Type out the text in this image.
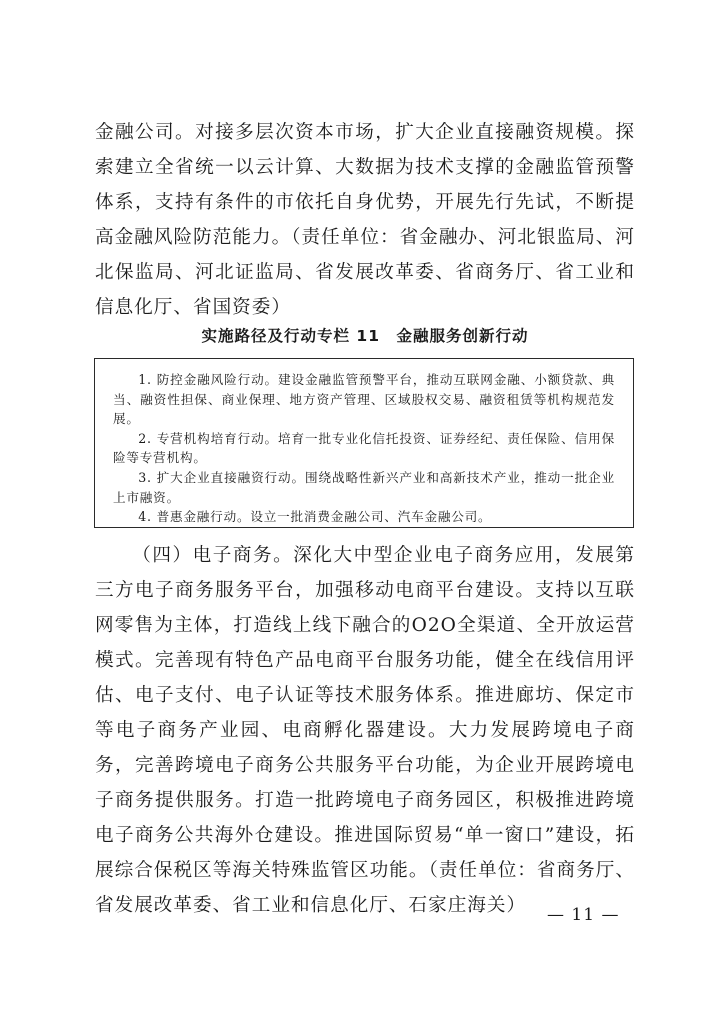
金融公司。对接多层次资本市场，扩大企业直接融资规模。探索建立全省统一以云计算、大数据为技术支撑的金融监管预警体系，支持有条件的市依托自身优势，开展先行先试，不断提高金融风险防范能力。（责任单位：省金融办、河北银监局、河北保监局、河北证监局、省发展改革委、省商务厅、省工业和信息化厅、省国资委）

实施路径及行动专栏 11　金融服务创新行动

1. 防控金融风险行动。建设金融监管预警平台，推动互联网金融、小额贷款、典当、融资性担保、商业保理、地方资产管理、区域股权交易、融资租赁等机构规范发展。

2. 专营机构培育行动。培育一批专业化信托投资、证券经纪、责任保险、信用保险等专营机构。

3. 扩大企业直接融资行动。围绕战略性新兴产业和高新技术产业，推动一批企业上市融资。

4. 普惠金融行动。设立一批消费金融公司、汽车金融公司。

（四）电子商务。深化大中型企业电子商务应用，发展第三方电子商务服务平台，加强移动电商平台建设。支持以互联网零售为主体，打造线上线下融合的O2O全渠道、全开放运营模式。完善现有特色产品电商平台服务功能，健全在线信用评估、电子支付、电子认证等技术服务体系。推进廊坊、保定市等电子商务产业园、电商孵化器建设。大力发展跨境电子商务，完善跨境电子商务公共服务平台功能，为企业开展跨境电子商务提供服务。打造一批跨境电子商务园区，积极推进跨境电子商务公共海外仓建设。推进国际贸易“单一窗口”建设，拓展综合保税区等海关特殊监管区功能。（责任单位：省商务厅、省发展改革委、省工业和信息化厅、石家庄海关）	— 11 —
